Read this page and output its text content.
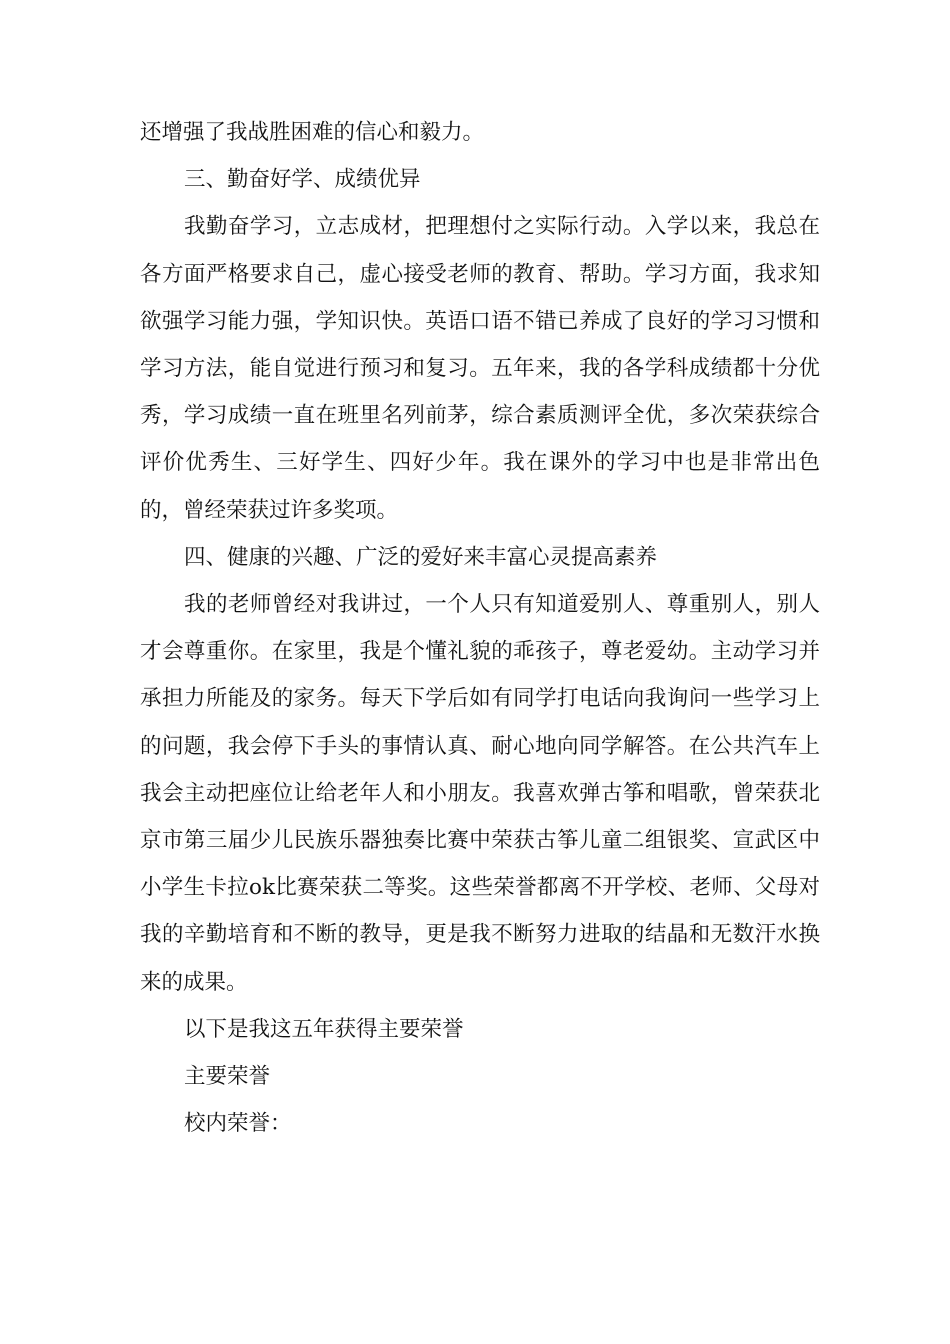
还增强了我战胜困难的信心和毅力。

三、勤奋好学、成绩优异

我勤奋学习，立志成材，把理想付之实际行动。入学以来，我总在各方面严格要求自己，虚心接受老师的教育、帮助。学习方面，我求知欲强学习能力强，学知识快。英语口语不错已养成了良好的学习习惯和学习方法，能自觉进行预习和复习。五年来，我的各学科成绩都十分优秀，学习成绩一直在班里名列前茅，综合素质测评全优，多次荣获综合评价优秀生、三好学生、四好少年。我在课外的学习中也是非常出色的，曾经荣获过许多奖项。

四、健康的兴趣、广泛的爱好来丰富心灵提高素养

我的老师曾经对我讲过，一个人只有知道爱别人、尊重别人，别人才会尊重你。在家里，我是个懂礼貌的乖孩子，尊老爱幼。主动学习并承担力所能及的家务。每天下学后如有同学打电话向我询问一些学习上的问题，我会停下手头的事情认真、耐心地向同学解答。在公共汽车上我会主动把座位让给老年人和小朋友。我喜欢弹古筝和唱歌，曾荣获北京市第三届少儿民族乐器独奏比赛中荣获古筝儿童二组银奖、宣武区中小学生卡拉ok比赛荣获二等奖。这些荣誉都离不开学校、老师、父母对我的辛勤培育和不断的教导，更是我不断努力进取的结晶和无数汗水换来的成果。

以下是我这五年获得主要荣誉

主要荣誉

校内荣誉：
